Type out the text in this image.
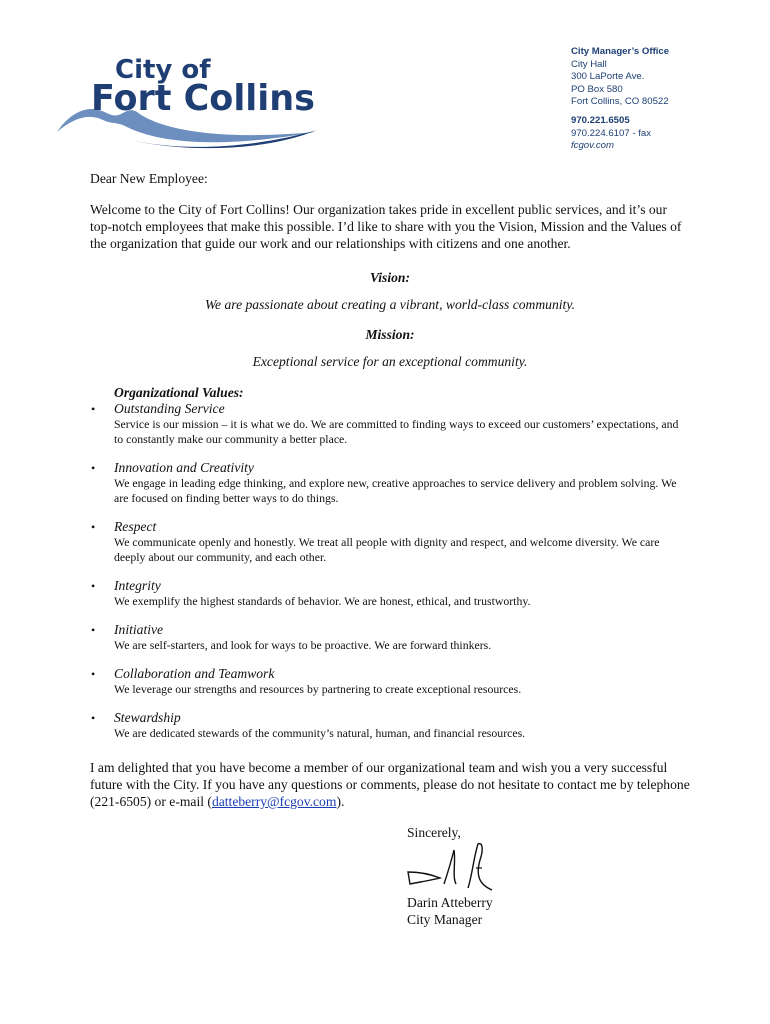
City of
Fort Collins
City Manager’s Office
City Hall
300 LaPorte Ave.
PO Box 580
Fort Collins, CO 80522
970.221.6505
970.224.6107 - fax
fcgov.com

Dear New Employee:

Welcome to the City of Fort Collins! Our organization takes pride in excellent public services, and it’s our top-notch employees that make this possible. I’d like to share with you the Vision, Mission and the Values of the organization that guide our work and our relationships with citizens and one another.

Vision:
We are passionate about creating a vibrant, world-class community.
Mission:
Exceptional service for an exceptional community.
Organizational Values:
• Outstanding Service
Service is our mission – it is what we do. We are committed to finding ways to exceed our customers’ expectations, and to constantly make our community a better place.
• Innovation and Creativity
We engage in leading edge thinking, and explore new, creative approaches to service delivery and problem solving. We are focused on finding better ways to do things.
• Respect
We communicate openly and honestly. We treat all people with dignity and respect, and welcome diversity. We care deeply about our community, and each other.
• Integrity
We exemplify the highest standards of behavior. We are honest, ethical, and trustworthy.
• Initiative
We are self-starters, and look for ways to be proactive. We are forward thinkers.
• Collaboration and Teamwork
We leverage our strengths and resources by partnering to create exceptional resources.
• Stewardship
We are dedicated stewards of the community’s natural, human, and financial resources.

I am delighted that you have become a member of our organizational team and wish you a very successful future with the City. If you have any questions or comments, please do not hesitate to contact me by telephone (221-6505) or e-mail (datteberry@fcgov.com).

Sincerely,
Darin Atteberry
City Manager
